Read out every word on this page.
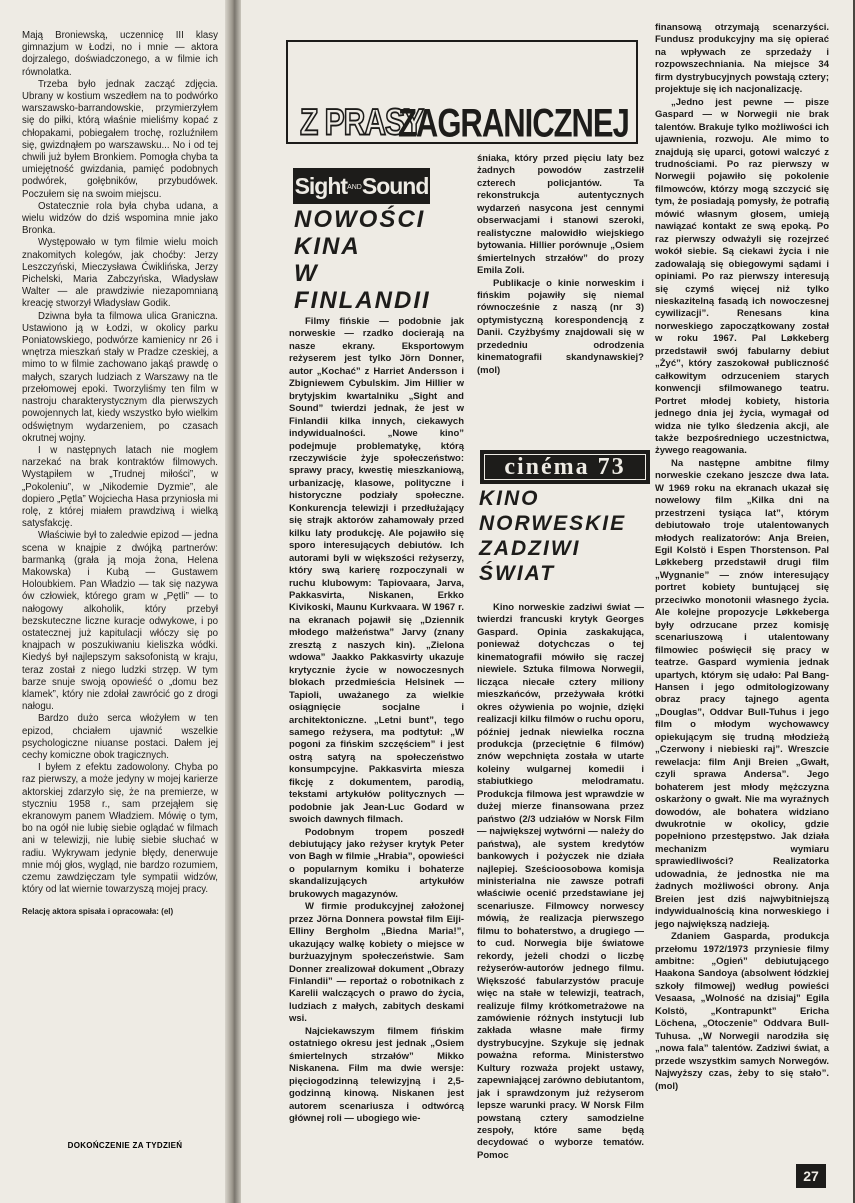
Mają Broniewską, uczennicę III klasy gimnazjum w Łodzi, no i mnie — aktora dojrzalego, doświadczonego, a w filmie ich równolatka.

Trzeba było jednak zacząć zdjęcia. Ubrany w kostium wszedłem na to podwórko warszawsko-barrandowskie, przymierzyłem się do piłki, którą właśnie mieliśmy kopać z chłopakami, pobiegałem trochę, rozluźniłem się, gwizdnąłem po warszawsku... No i od tej chwili już byłem Bronkiem. Pomogła chyba ta umiejętność gwizdania, pamięć podobnych podwórek, gołębników, przybudówek. Poczułem się na swoim miejscu.

Ostatecznie rola była chyba udana, a wielu widzów do dziś wspomina mnie jako Bronka.

Występowało w tym filmie wielu moich znakomitych kolegów, jak choćby: Jerzy Leszczyński, Mieczysława Ćwiklińska, Jerzy Pichelski, Maria Zabczyńska, Władysław Walter — ale prawdziwie niezapomnianą kreację stworzył Władysław Godik.

Dziwna była ta filmowa ulica Graniczna. Ustawiono ją w Łodzi, w okolicy parku Poniatowskiego, podwórze kamienicy nr 26 i wnętrza mieszkań stały w Pradze czeskiej, a mimo to w filmie zachowano jakąś prawdę o małych, szarych ludziach z Warszawy na tle przełomowej epoki. Tworzyliśmy ten film w nastroju charakterystycznym dla pierwszych powojennych lat, kiedy wszystko było wielkim odświętnym wydarzeniem, po czasach okrutnej wojny.

I w następnych latach nie mogłem narzekać na brak kontraktów filmowych. Wystąpiłem w „Trudnej miłości”, w „Pokoleniu”, w „Nikodemie Dyzmie”, ale dopiero „Pętla” Wojciecha Hasa przyniosła mi rolę, z której miałem prawdziwą i wielką satysfakcję.

Właściwie był to zaledwie epizod — jedna scena w knajpie z dwójką partnerów: barmanką (grała ją moja żona, Helena Makowska) i Kubą — Gustawem Holoubkiem. Pan Władzio — tak się nazywa ów człowiek, którego gram w „Pętli” — to nałogowy alkoholik, który przebył bezskuteczne liczne kuracje odwykowe, i po ostatecznej już kapitulacji włóczy się po knajpach w poszukiwaniu kieliszka wódki. Kiedyś był najlepszym saksofonistą w kraju, teraz został z niego ludzki strzęp. W tym barze snuje swoją opowieść o „domu bez klamek”, który nie zdołał zawrócić go z drogi nałogu.

Bardzo dużo serca włożyłem w ten epizod, chciałem ujawnić wszelkie psychologiczne niuanse postaci. Dałem jej cechy komiczne obok tragicznych.

I byłem z efektu zadowolony. Chyba po raz pierwszy, a może jedyny w mojej karierze aktorskiej zdarzyło się, że na premierze, w styczniu 1958 r., sam przejąłem się ekranowym panem Władziem. Mówię o tym, bo na ogół nie lubię siebie oglądać w filmach ani w telewizji, nie lubię siebie słuchać w radiu. Wykrywam jedynie błędy, denerwuje mnie mój głos, wygląd, nie bardzo rozumiem, czemu zawdzięczam tyle sympatii widzów, który od lat wiernie towarzyszą mojej pracy.

Relację aktora spisała i opracowała: (el)

DOKOŃCZENIE ZA TYDZIEŃ
Z PRASY
ZAGRANICZNEJ
SightANDSound
NOWOŚCI
KINA
W
FINLANDII

Filmy fińskie — podobnie jak norweskie — rzadko docierają na nasze ekrany. Eksportowym reżyserem jest tylko Jörn Donner, autor „Kochać” z Harriet Andersson i Zbigniewem Cybulskim. Jim Hillier w brytyjskim kwartalniku „Sight and Sound” twierdzi jednak, że jest w Finlandii kilka innych, ciekawych indywidualności. „Nowe kino” podejmuje problematykę, którą rzeczywiście żyje społeczeństwo: sprawy pracy, kwestię mieszkaniową, urbanizację, klasowe, polityczne i historyczne podziały społeczne. Konkurencja telewizji i przedłużający się strajk aktorów zahamowały przed kilku laty produkcję. Ale pojawiło się sporo interesujących debiutów. Ich autorami byli w większości reżyserzy, który swą karierę rozpoczynali w ruchu klubowym: Tapiovaara, Jarva, Pakkasvirta, Niskanen, Erkko Kivikoski, Maunu Kurkvaara. W 1967 r. na ekranach pojawił się „Dziennik młodego małżeństwa” Jarvy (znany zresztą z naszych kin). „Zielona wdowa” Jaakko Pakkasvirty ukazuje krytycznie życie w nowoczesnych blokach przedmieścia Helsinek — Tapioli, uważanego za wielkie osiągnięcie socjalne i architektoniczne. „Letni bunt”, tego samego reżysera, ma podtytuł: „W pogoni za fińskim szczęściem” i jest ostrą satyrą na społeczeństwo konsumpcyjne. Pakkasvirta miesza fikcję z dokumentem, parodią, tekstami artykułów politycznych — podobnie jak Jean-Luc Godard w swoich dawnych filmach.

Podobnym tropem poszedł debiutujący jako reżyser krytyk Peter von Bagh w filmie „Hrabia”, opowieści o popularnym komiku i bohaterze skandalizujących artykułów brukowych magazynów.

W firmie produkcyjnej założonej przez Jörna Donnera powstał film Eiji-Elliny Bergholm „Biedna Maria!”, ukazujący walkę kobiety o miejsce w burżuazyjnym społeczeństwie. Sam Donner zrealizował dokument „Obrazy Finlandii” — reportaż o robotnikach z Karelii walczących o prawo do życia, ludziach z małych, zabitych deskami wsi.

Najciekawszym filmem fińskim ostatniego okresu jest jednak „Osiem śmiertelnych strzałów” Mikko Niskanena. Film ma dwie wersje: pięciogodzinną telewizyjną i 2,5-godzinną kinową. Niskanen jest autorem scenariusza i odtwórcą głównej roli — ubogiego wie-

śniaka, który przed pięciu laty bez żadnych powodów zastrzelił czterech policjantów. Ta rekonstrukcja autentycznych wydarzeń nasycona jest cennymi obserwacjami i stanowi szeroki, realistyczne malowidło wiejskiego bytowania. Hillier porównuje „Osiem śmiertelnych strzałów” do prozy Emila Zoli.

Publikacje o kinie norweskim i fińskim pojawiły się niemal równocześnie z naszą (nr 3) optymistyczną korespondencją z Danii. Czyżbyśmy znajdowali się w przededniu odrodzenia kinematografii skandynawskiej? (mol)

cinéma 73
KINO
NORWESKIE
ZADZIWI
ŚWIAT

Kino norweskie zadziwi świat — twierdzi francuski krytyk Georges Gaspard. Opinia zaskakująca, ponieważ dotychczas o tej kinematografii mówiło się raczej niewiele. Sztuka filmowa Norwegii, licząca niecałe cztery miliony mieszkańców, przeżywała krótki okres ożywienia po wojnie, dzięki realizacji kilku filmów o ruchu oporu, później jednak niewielka roczna produkcja (przeciętnie 6 filmów) znów wepchnięta została w utarte koleiny wulgarnej komedii i stabiutkiego melodramatu. Produkcja filmowa jest wprawdzie w dużej mierze finansowana przez państwo (2/3 udziałów w Norsk Film — największej wytwórni — należy do państwa), ale system kredytów bankowych i pożyczek nie działa najlepiej. Sześcioosobowa komisja ministerialna nie zawsze potrafi właściwie ocenić przedstawiane jej scenariusze. Filmowcy norwescy mówią, że realizacja pierwszego filmu to bohaterstwo, a drugiego — to cud. Norwegia bije światowe rekordy, jeżeli chodzi o liczbę reżyserów-autorów jednego filmu. Większość fabularzystów pracuje więc na stałe w telewizji, teatrach, realizuje filmy krótkometrażowe na zamówienie różnych instytucji lub zakłada własne małe firmy dystrybucyjne. Szykuje się jednak poważna reforma. Ministerstwo Kultury rozważa projekt ustawy, zapewniającej zarówno debiutantom, jak i sprawdzonym już reżyserom lepsze warunki pracy. W Norsk Film powstaną cztery samodzielne zespoły, które same będą decydować o wyborze tematów. Pomoc

finansową otrzymają scenarzyści. Fundusz produkcyjny ma się opierać na wpływach ze sprzedaży i rozpowszechniania. Na miejsce 34 firm dystrybucyjnych powstają cztery; projektuje się ich nacjonalizację.

„Jedno jest pewne — pisze Gaspard — w Norwegii nie brak talentów. Brakuje tylko możliwości ich ujawnienia, rozwoju. Ale mimo to znajdują się uparci, gotowi walczyć z trudnościami. Po raz pierwszy w Norwegii pojawiło się pokolenie filmowców, którzy mogą szczycić się tym, że posiadają pomysły, że potrafią mówić własnym głosem, umieją nawiązać kontakt ze swą epoką. Po raz pierwszy odważyli się rozejrzeć wokół siebie. Są ciekawi życia i nie zadowalają się obiegowymi sądami i opiniami. Po raz pierwszy interesują się czymś więcej niż tylko nieskazitelną fasadą ich nowoczesnej cywilizacji”. Renesans kina norweskiego zapoczątkowany został w roku 1967. Pal Løkkeberg przedstawił swój fabularny debiut „Żyć”, który zaszokował publiczność całkowitym odrzuceniem starych konwencji sfilmowanego teatru. Portret młodej kobiety, historia jednego dnia jej życia, wymagał od widza nie tylko śledzenia akcji, ale także bezpośredniego uczestnictwa, żywego reagowania.

Na następne ambitne filmy norweskie czekano jeszcze dwa lata. W 1969 roku na ekranach ukazał się nowelowy film „Kilka dni na przestrzeni tysiąca lat”, którym debiutowało troje utalentowanych młodych realizatorów: Anja Breien, Egil Kolstö i Espen Thorstenson. Pal Løkkeberg przedstawił drugi film „Wygnanie” — znów interesujący portret kobiety buntującej się przeciwko monotonii własnego życia. Ale kolejne propozycje Løkkeberga były odrzucane przez komisję scenariuszową i utalentowany filmowiec poświęcił się pracy w teatrze. Gaspard wymienia jednak upartych, którym się udało: Pal Bang-Hansen i jego odmitologizowany obraz pracy tajnego agenta „Douglas”, Oddvar Bull-Tuhus i jego film o młodym wychowawcy opiekującym się trudną młodzieżą „Czerwony i niebieski raj”. Wreszcie rewelacja: film Anji Breien „Gwałt, czyli sprawa Andersa”. Jego bohaterem jest młody mężczyzna oskarżony o gwałt. Nie ma wyraźnych dowodów, ale bohatera widziano dwukrotnie w okolicy, gdzie popełniono przestępstwo. Jak działa mechanizm wymiaru sprawiedliwości? Realizatorka udowadnia, że jednostka nie ma żadnych możliwości obrony. Anja Breien jest dziś najwybitniejszą indywidualnością kina norweskiego i jego największą nadzieją.

Zdaniem Gasparda, produkcja przełomu 1972/1973 przyniesie filmy ambitne: „Ogień” debiutującego Haakona Sandoya (absolwent łódzkiej szkoły filmowej) według powieści Vesaasa, „Wolność na dzisiaj” Egila Kolstö, „Kontrapunkt” Ericha Löchena, „Otoczenie” Oddvara Bull-Tuhusa. „W Norwegii narodziła się „nowa fala” talentów. Zadziwi świat, a przede wszystkim samych Norwegów. Najwyższy czas, żeby to się stało”. (mol)

27
